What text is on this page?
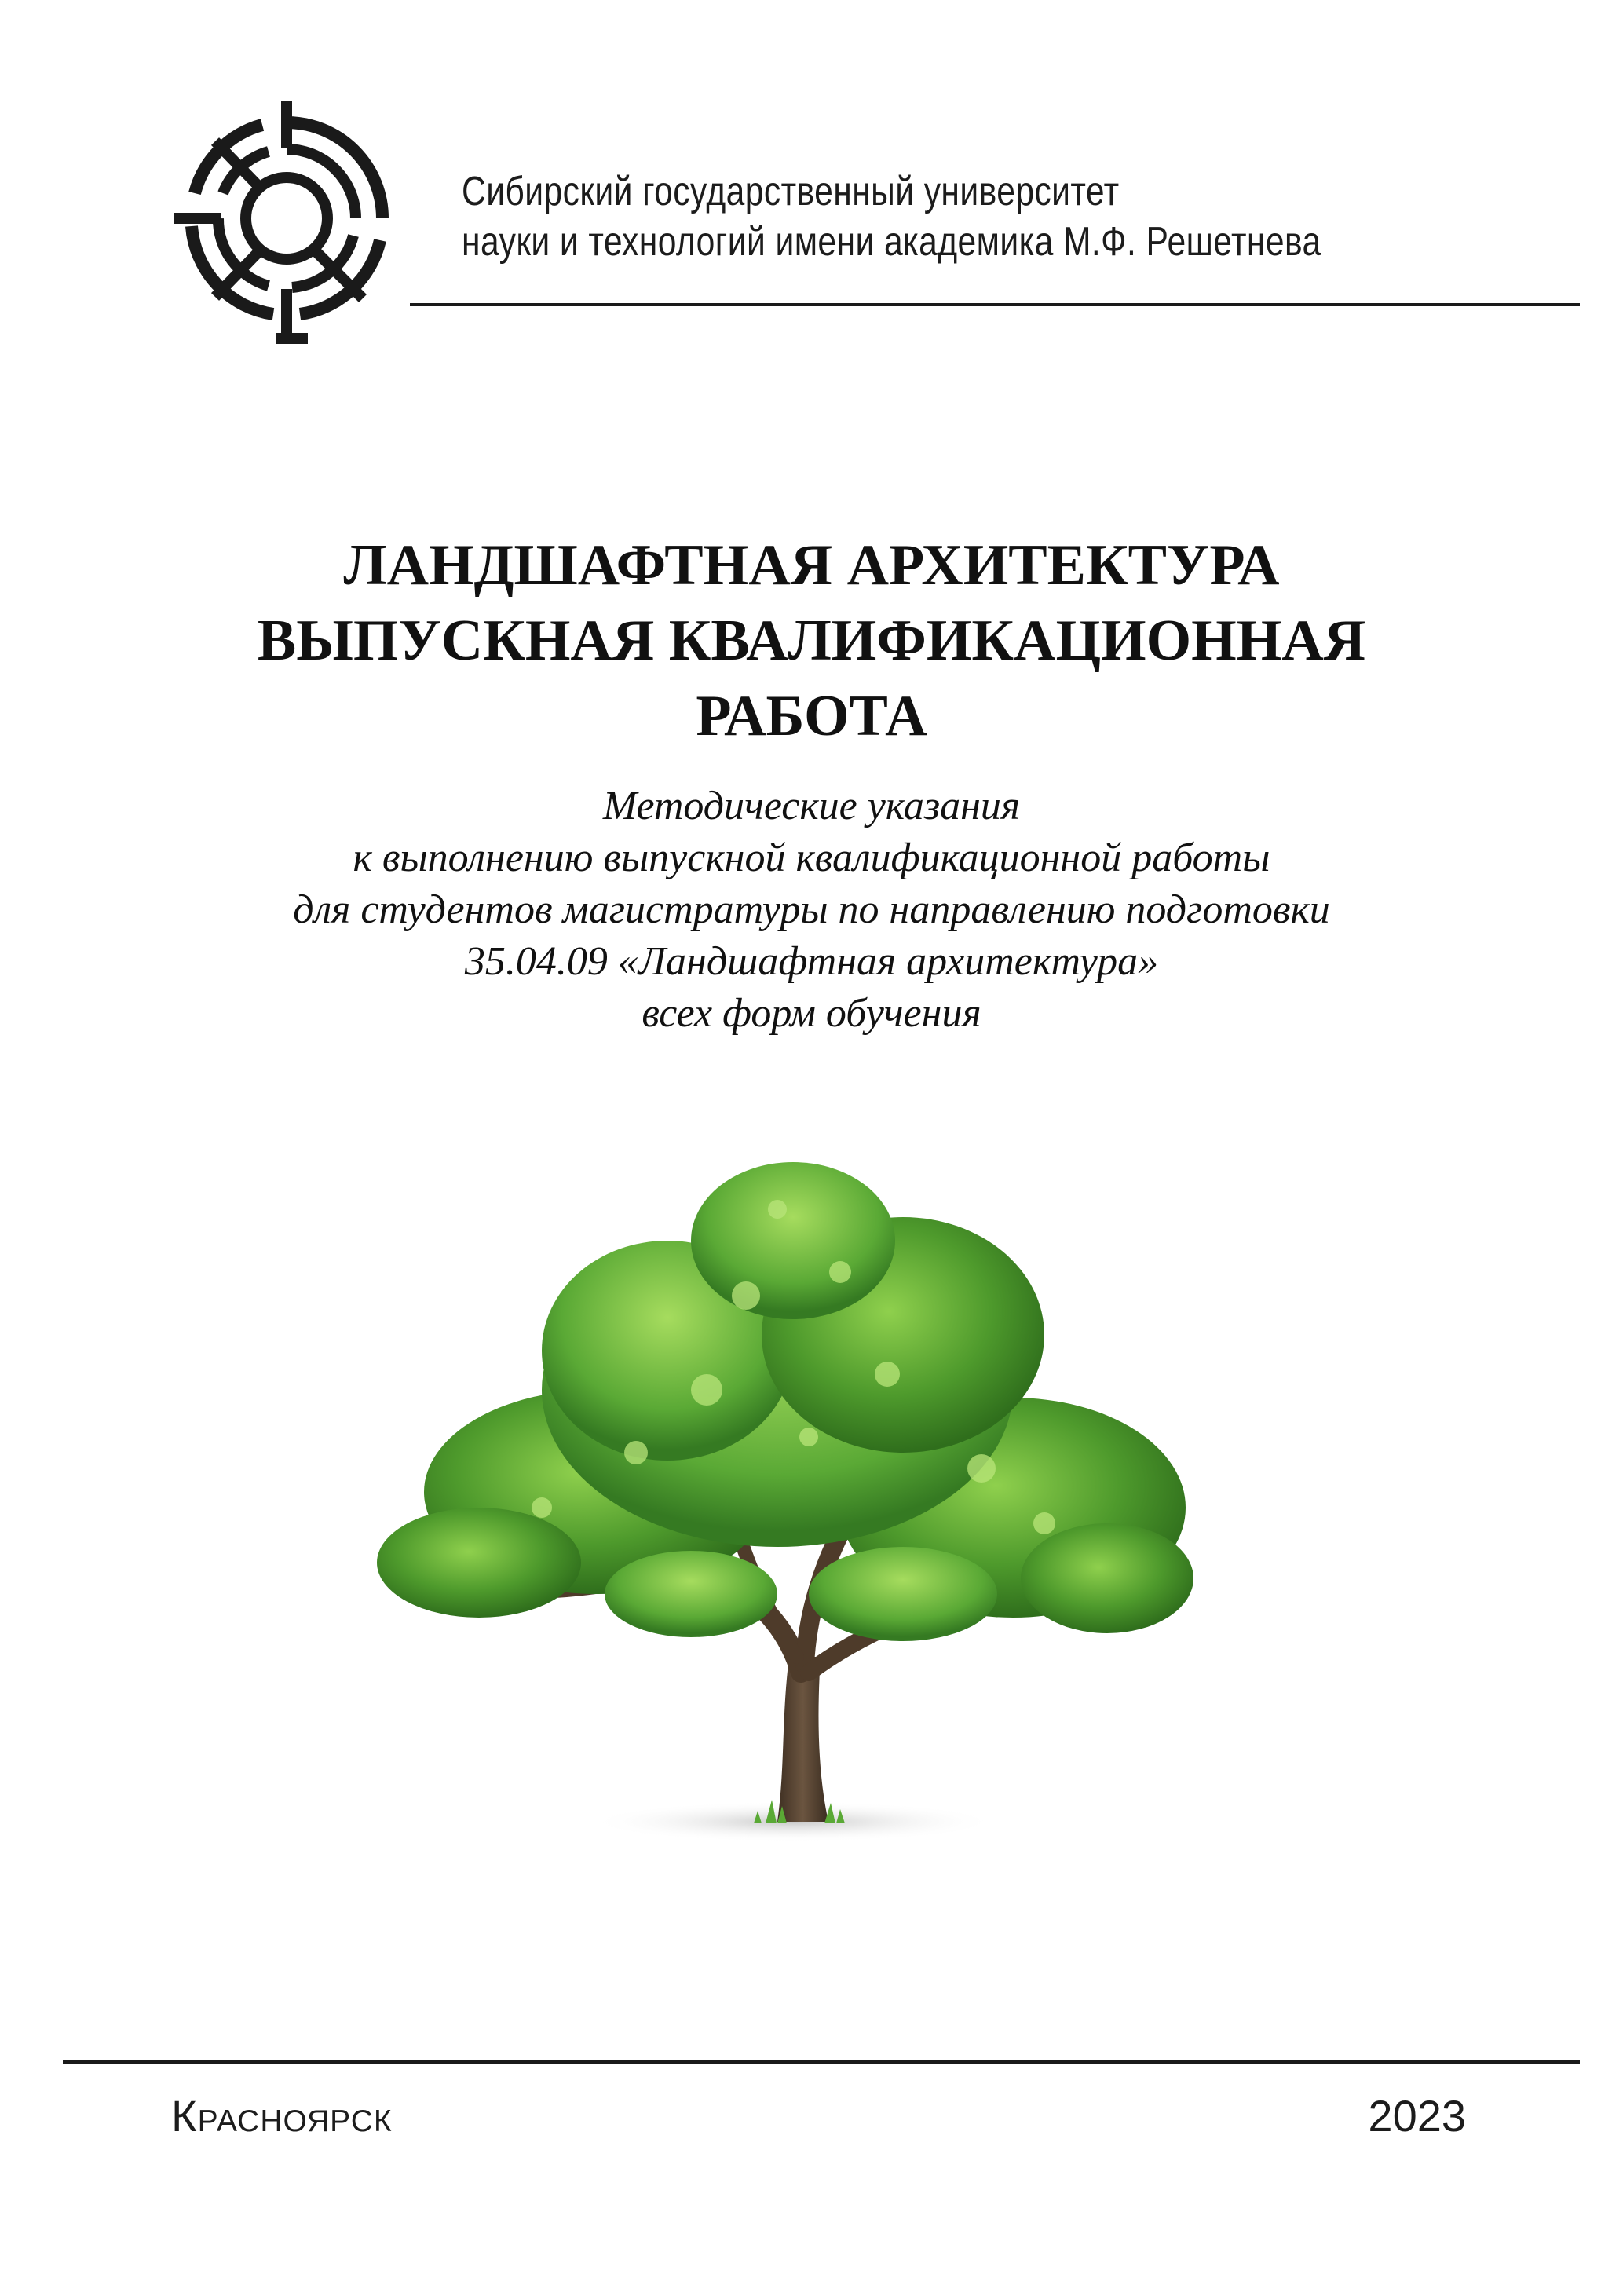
Сибирский государственный университет
науки и технологий имени академика М.Ф. Решетнева
ЛАНДШАФТНАЯ АРХИТЕКТУРА
ВЫПУСКНАЯ КВАЛИФИКАЦИОННАЯ
РАБОТА
Методические указания
к выполнению выпускной квалификационной работы
для студентов магистратуры по направлению подготовки
35.04.09 «Ландшафтная архитектура»
всех форм обучения
Красноярск	2023
